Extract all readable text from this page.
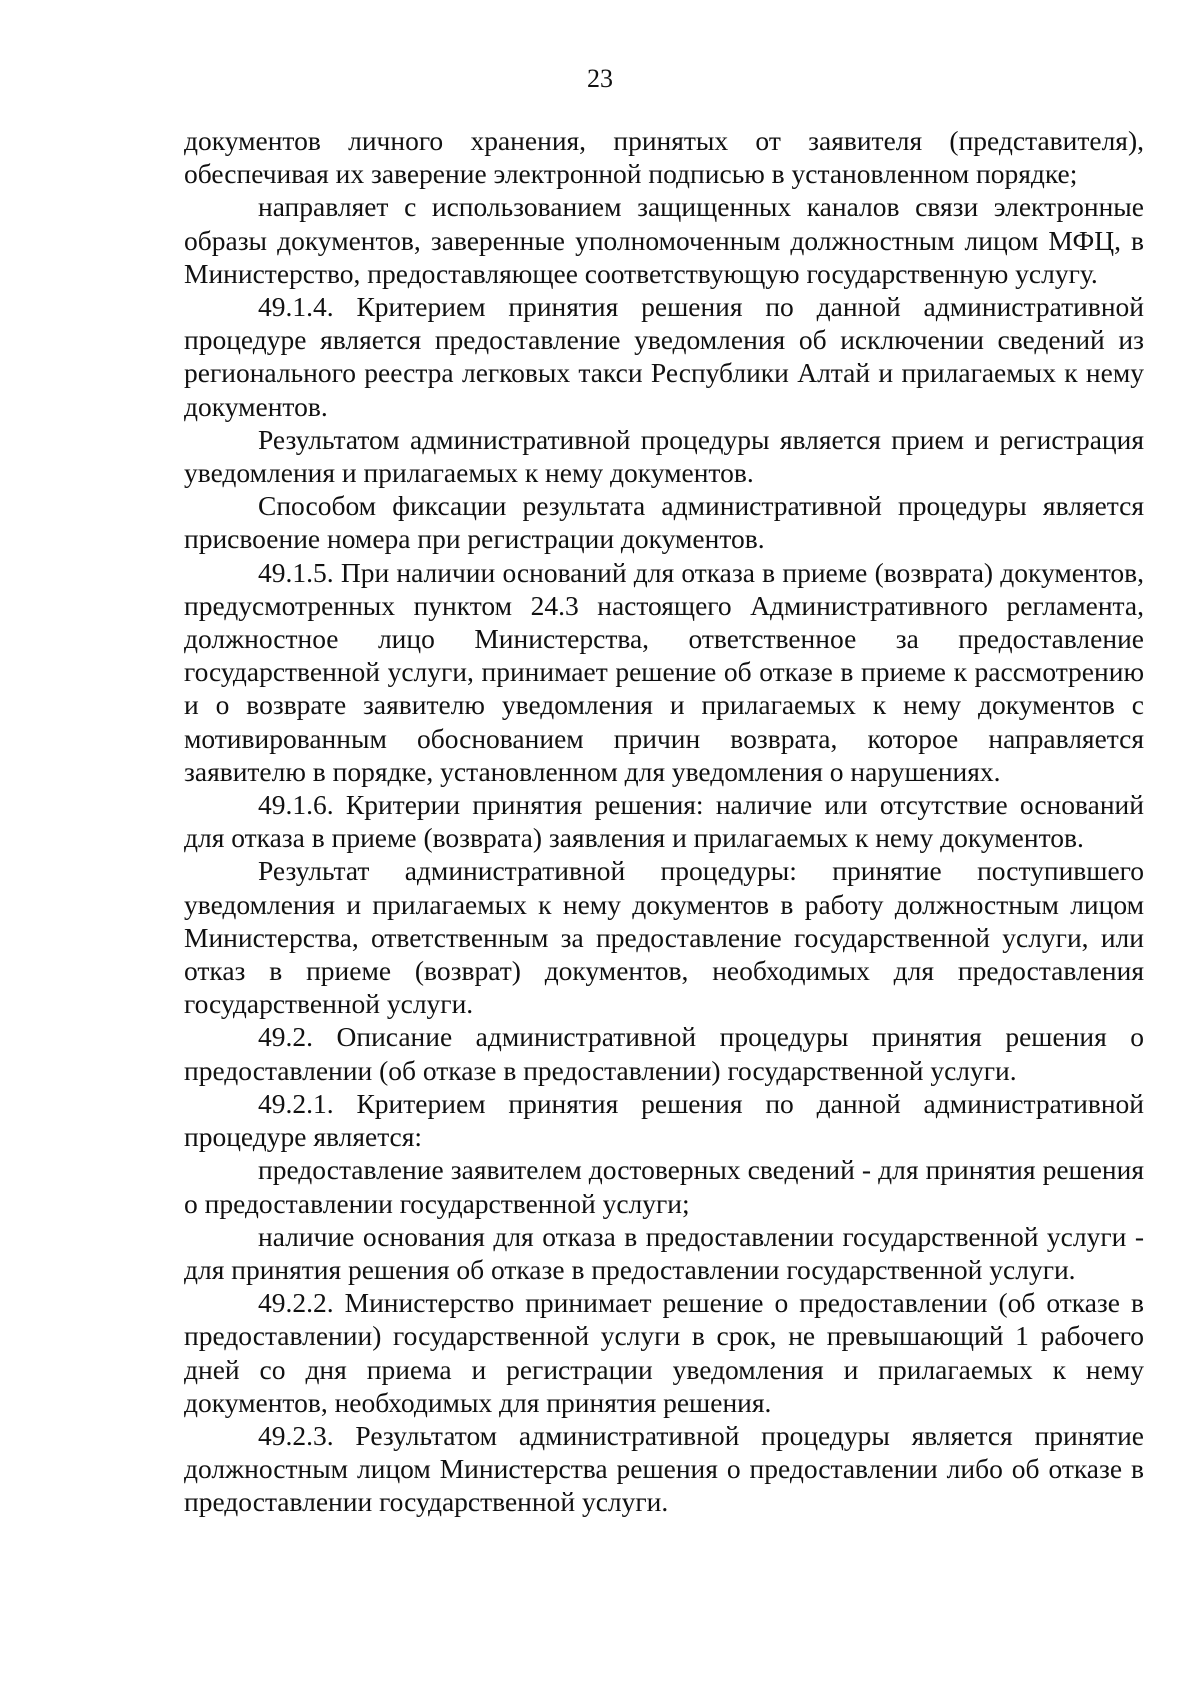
23

документов личного хранения, принятых от заявителя (представителя), обеспечивая их заверение электронной подписью в установленном порядке;

направляет с использованием защищенных каналов связи электронные образы документов, заверенные уполномоченным должностным лицом МФЦ, в Министерство, предоставляющее соответствующую государственную услугу.

49.1.4. Критерием принятия решения по данной административной процедуре является предоставление уведомления об исключении сведений из регионального реестра легковых такси Республики Алтай и прилагаемых к нему документов.

Результатом административной процедуры является прием и регистрация уведомления и прилагаемых к нему документов.

Способом фиксации результата административной процедуры является присвоение номера при регистрации документов.

49.1.5. При наличии оснований для отказа в приеме (возврата) документов, предусмотренных пунктом 24.3 настоящего Административного регламента, должностное лицо Министерства, ответственное за предоставление государственной услуги, принимает решение об отказе в приеме к рассмотрению и о возврате заявителю уведомления и прилагаемых к нему документов с мотивированным обоснованием причин возврата, которое направляется заявителю в порядке, установленном для уведомления о нарушениях.

49.1.6. Критерии принятия решения: наличие или отсутствие оснований для отказа в приеме (возврата) заявления и прилагаемых к нему документов.

Результат административной процедуры: принятие поступившего уведомления и прилагаемых к нему документов в работу должностным лицом Министерства, ответственным за предоставление государственной услуги, или отказ в приеме (возврат) документов, необходимых для предоставления государственной услуги.

49.2. Описание административной процедуры принятия решения о предоставлении (об отказе в предоставлении) государственной услуги.

49.2.1. Критерием принятия решения по данной административной процедуре является:

предоставление заявителем достоверных сведений - для принятия решения о предоставлении государственной услуги;

наличие основания для отказа в предоставлении государственной услуги - для принятия решения об отказе в предоставлении государственной услуги.

49.2.2. Министерство принимает решение о предоставлении (об отказе в предоставлении) государственной услуги в срок, не превышающий 1 рабочего дней со дня приема и регистрации уведомления и прилагаемых к нему документов, необходимых для принятия решения.

49.2.3. Результатом административной процедуры является принятие должностным лицом Министерства решения о предоставлении либо об отказе в предоставлении государственной услуги.
